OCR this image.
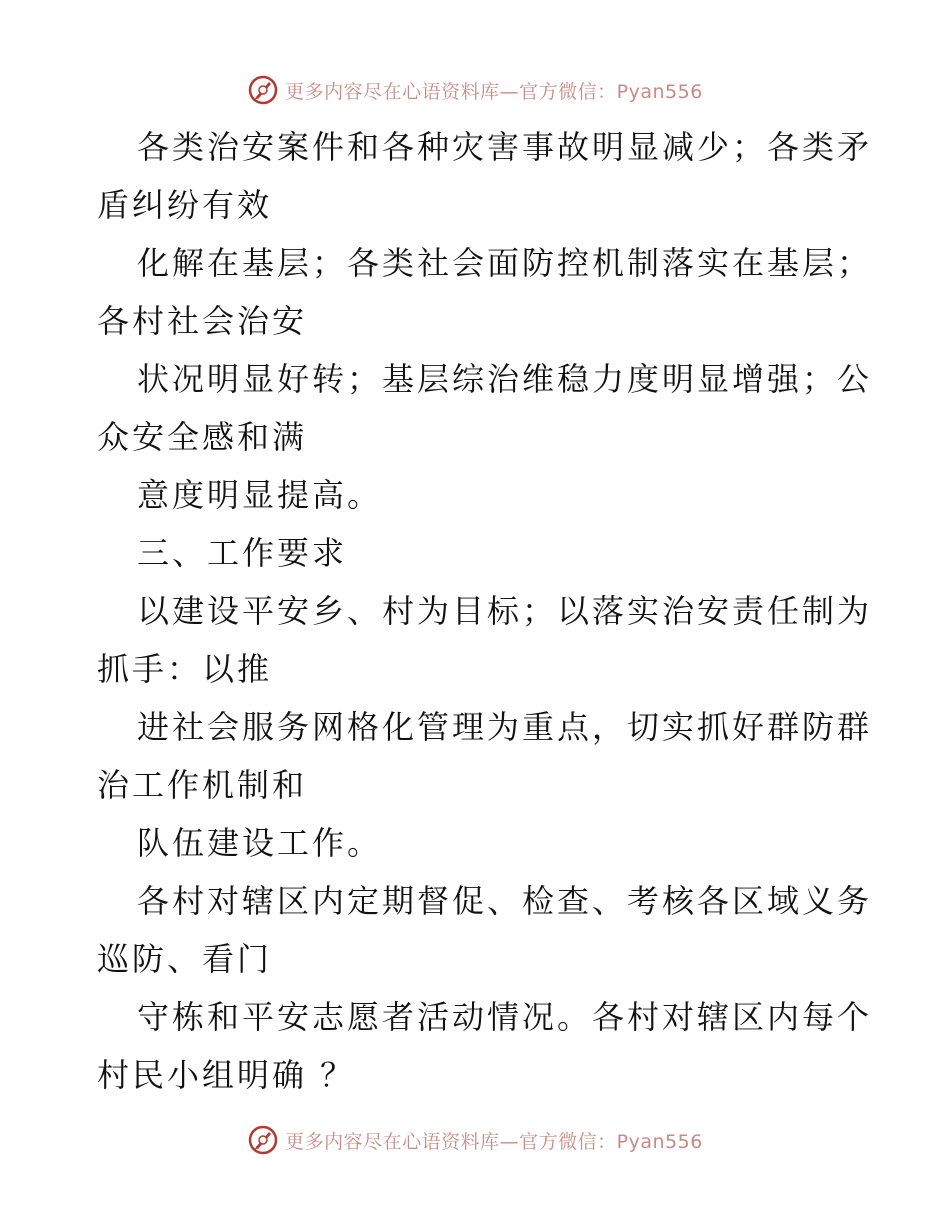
更多内容尽在心语资料库—官方微信：Pyan556
各类治安案件和各种灾害事故明显减少；各类矛
盾纠纷有效
化解在基层；各类社会面防控机制落实在基层；
各村社会治安
状况明显好转；基层综治维稳力度明显增强；公
众安全感和满
意度明显提高。
三、工作要求
以建设平安乡、村为目标；以落实治安责任制为
抓手：以推
进社会服务网格化管理为重点，切实抓好群防群
治工作机制和
队伍建设工作。
各村对辖区内定期督促、检查、考核各区域义务
巡防、看门
守栋和平安志愿者活动情况。各村对辖区内每个
村民小组明确 ？
更多内容尽在心语资料库—官方微信：Pyan556
